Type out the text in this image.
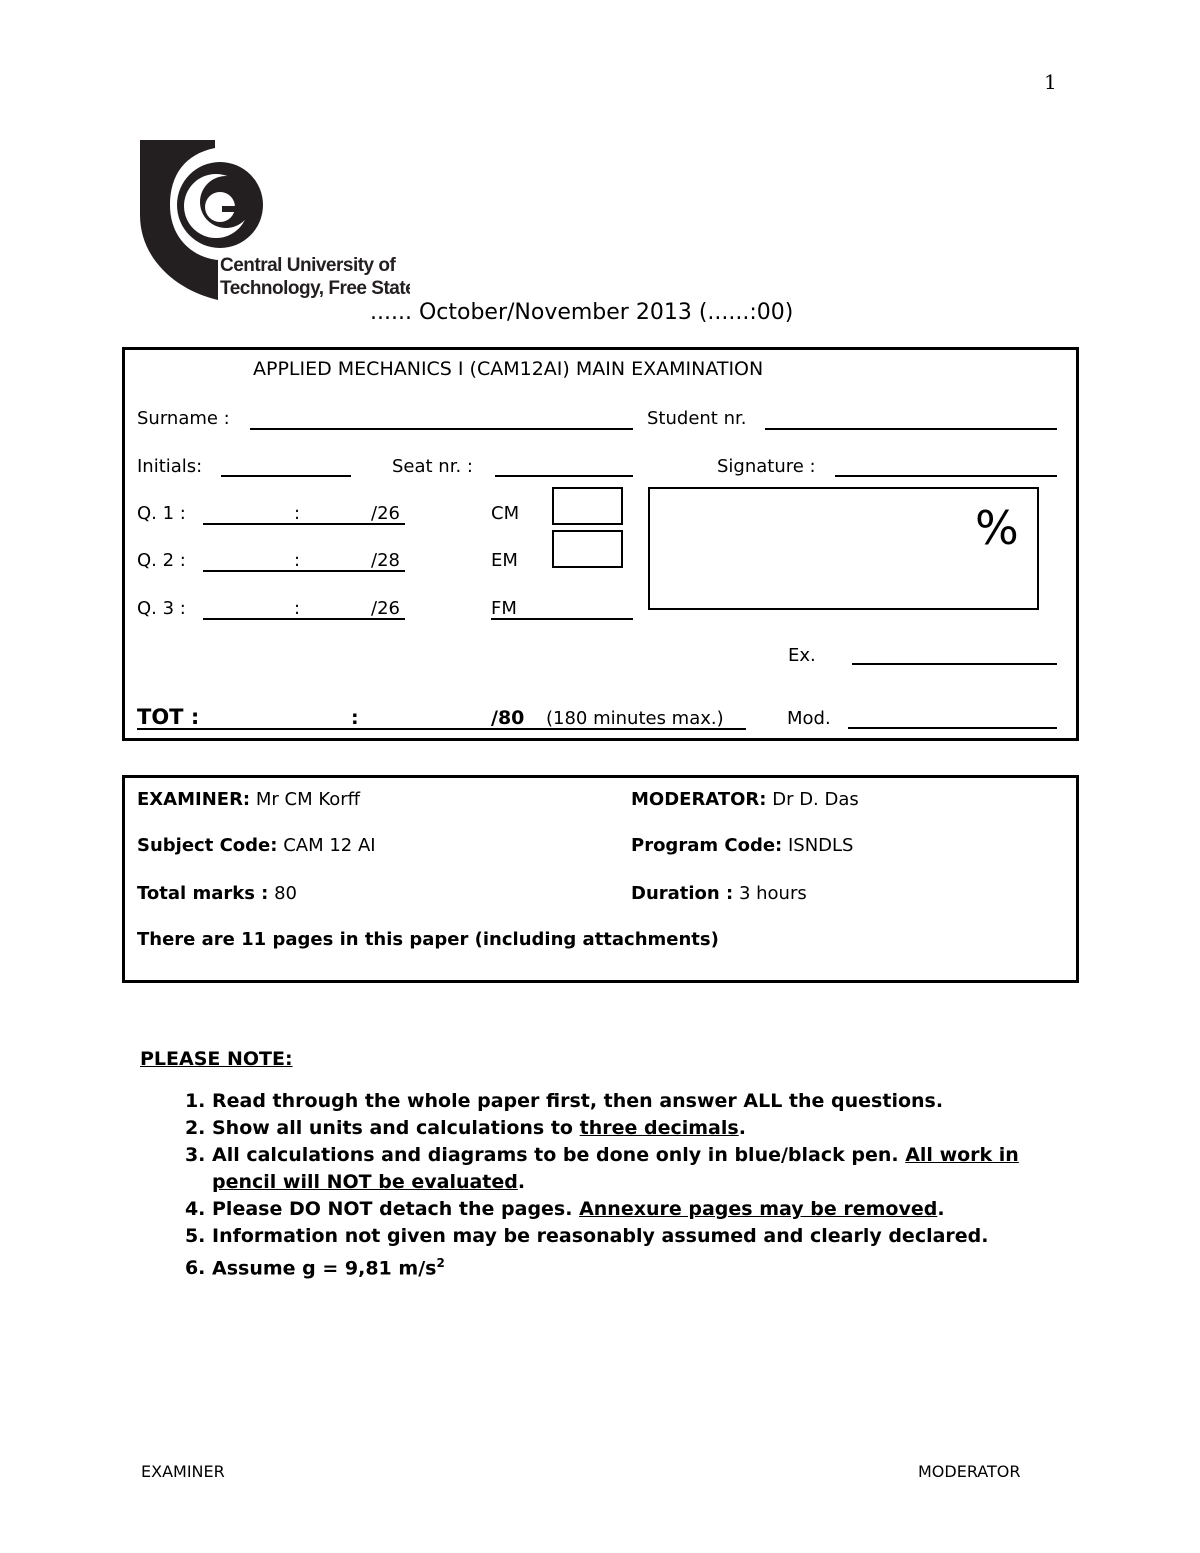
1
Central University of
Technology, Free State
...... October/November 2013 (......:00)
APPLIED MECHANICS I (CAM12AI) MAIN EXAMINATION
Surname :	Student nr.
Initials:	Seat nr. :	Signature :
Q. 1 :	:	/26	CM
Q. 2 :	:	/28	EM
Q. 3 :	:	/26	FM
%
Ex.
TOT :	:	/80 (180 minutes max.)	Mod.
EXAMINER: Mr CM Korff	MODERATOR: Dr D. Das
Subject Code: CAM 12 AI	Program Code: ISNDLS
Total marks : 80	Duration : 3 hours
There are 11 pages in this paper (including attachments)
PLEASE NOTE:
1. Read through the whole paper first, then answer ALL the questions.
2. Show all units and calculations to three decimals.
3. All calculations and diagrams to be done only in blue/black pen. All work in pencil will NOT be evaluated.
4. Please DO NOT detach the pages. Annexure pages may be removed.
5. Information not given may be reasonably assumed and clearly declared.
6. Assume g = 9,81 $m/s^2$
EXAMINER	MODERATOR
